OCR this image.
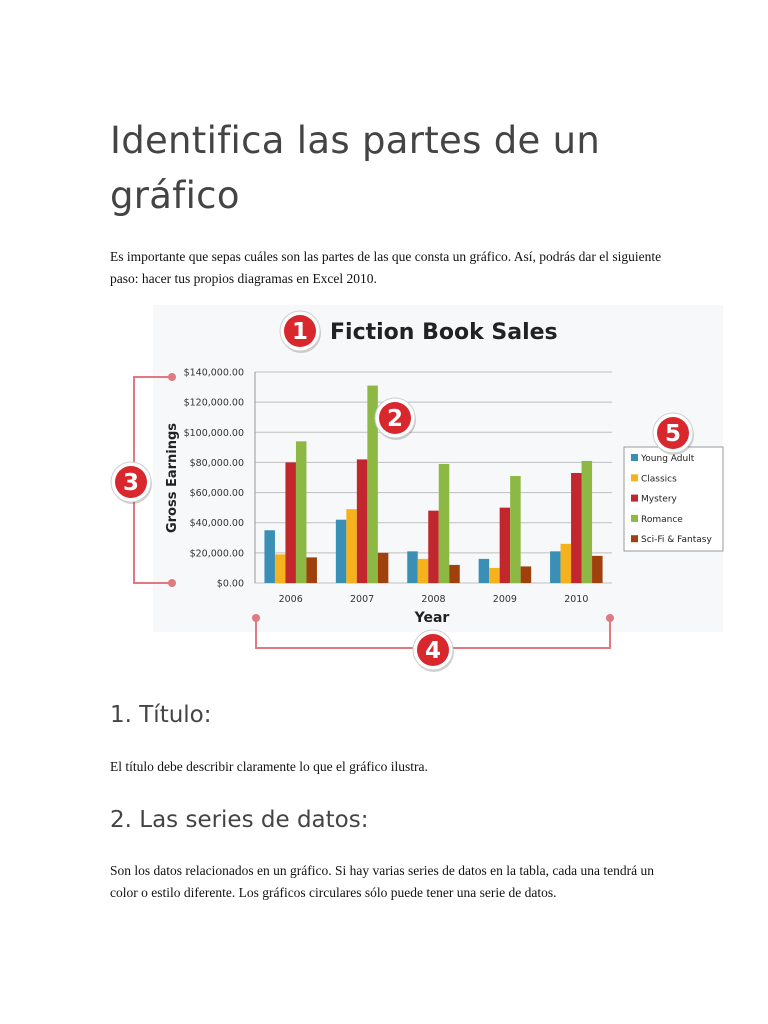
Identifica las partes de un gráfico

Es importante que sepas cuáles son las partes de las que consta un gráfico. Así, podrás dar el siguiente paso: hacer tus propios diagramas en Excel 2010.

$0.00
$20,000.00
$40,000.00
$60,000.00
$80,000.00
$100,000.00
$120,000.00
$140,000.00
2006	2007	2008	2009	2010
Fiction Book Sales
Year
Gross Earnings	Young Adult
Classics
Mystery
Romance
Sci-Fi & Fantasy
1
2
3
4
5
1. Título:

El título debe describir claramente lo que el gráfico ilustra.

2. Las series de datos:

Son los datos relacionados en un gráfico. Si hay varias series de datos en la tabla, cada una tendrá un color o estilo diferente. Los gráficos circulares sólo puede tener una serie de datos.
